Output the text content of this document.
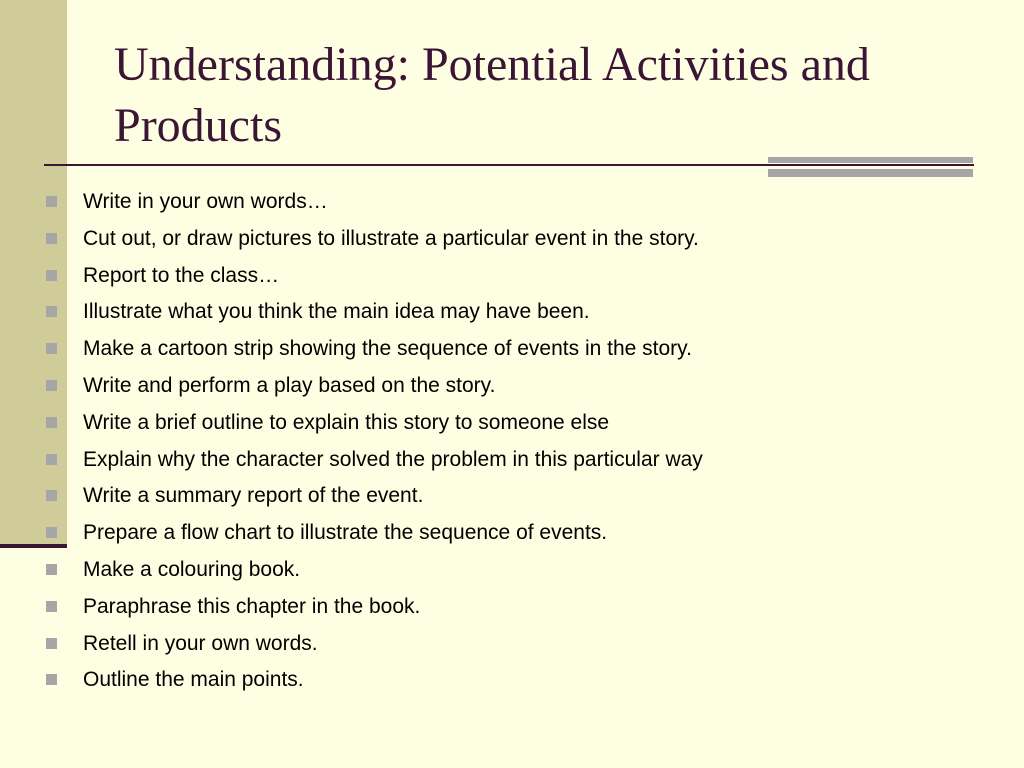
Understanding: Potential Activities and Products
Write in your own words…
Cut out, or draw pictures to illustrate a particular event in the story.
Report to the class…
Illustrate what you think the main idea may have been.
Make a cartoon strip showing the sequence of events in the story.
Write and perform a play based on the story.
Write a brief outline to explain this story to someone else
Explain why the character solved the problem in this particular way
Write a summary report of the event.
Prepare a flow chart to illustrate the sequence of events.
Make a colouring book.
Paraphrase this chapter in the book.
Retell in your own words.
Outline the main points.
